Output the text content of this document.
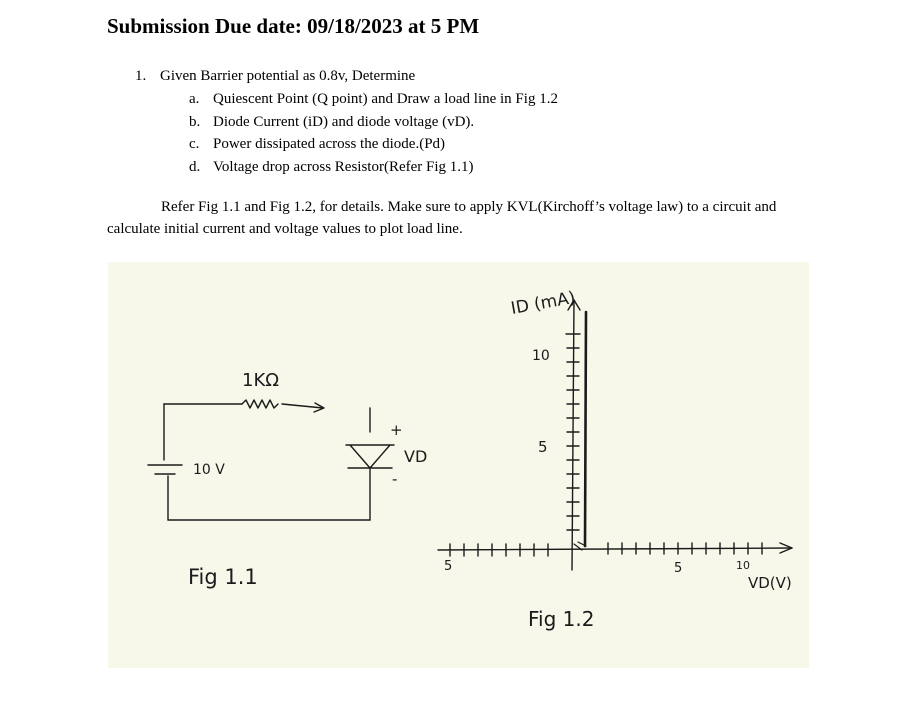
Submission Due date: 09/18/2023 at 5 PM
1. Given Barrier potential as 0.8v, Determine
a. Quiescent Point (Q point) and Draw a load line in Fig 1.2
b. Diode Current (iD) and diode voltage (vD).
c. Power dissipated across the diode.(Pd)
d. Voltage drop across Resistor(Refer Fig 1.1)

Refer Fig 1.1 and Fig 1.2, for details. Make sure to apply KVL(Kirchoff’s voltage law) to a circuit and calculate initial current and voltage values to plot load line.

1KΩ
10 V
+
-
VD
Fig 1.1
ID (mA)
10
5
5	5	10
VD(V)
Fig 1.2
